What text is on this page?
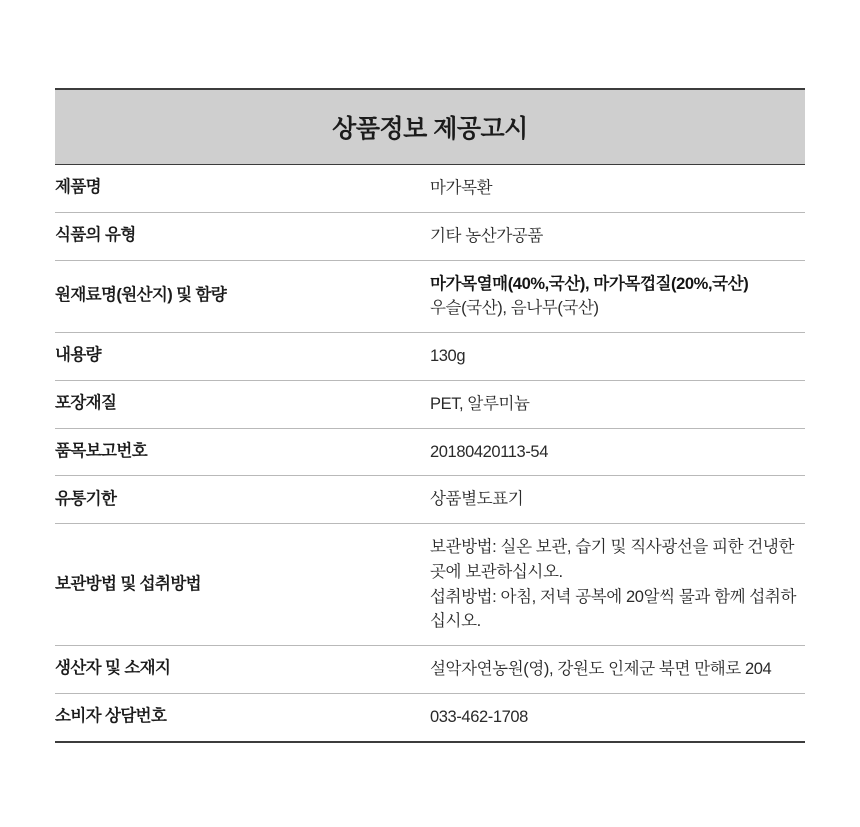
상품정보 제공고시	
제품명	마가목환

식품의 유형	기타 농산가공품

원재료명(원산지) 및 함량	마가목열매(40%,국산), 마가목껍질(20%,국산)
우슬(국산), 음나무(국산)

내용량	130g

포장재질	PET, 알루미늄

품목보고번호	20180420113-54

유통기한	상품별도표기

보관방법 및 섭취방법	보관방법: 실온 보관, 습기 및 직사광선을 피한 건냉한 곳에 보관하십시오.
섭취방법: 아침, 저녁 공복에 20알씩 물과 함께 섭취하십시오.

생산자 및 소재지	설악자연농원(영), 강원도 인제군 북면 만해로 204

소비자 상담번호	033-462-1708
